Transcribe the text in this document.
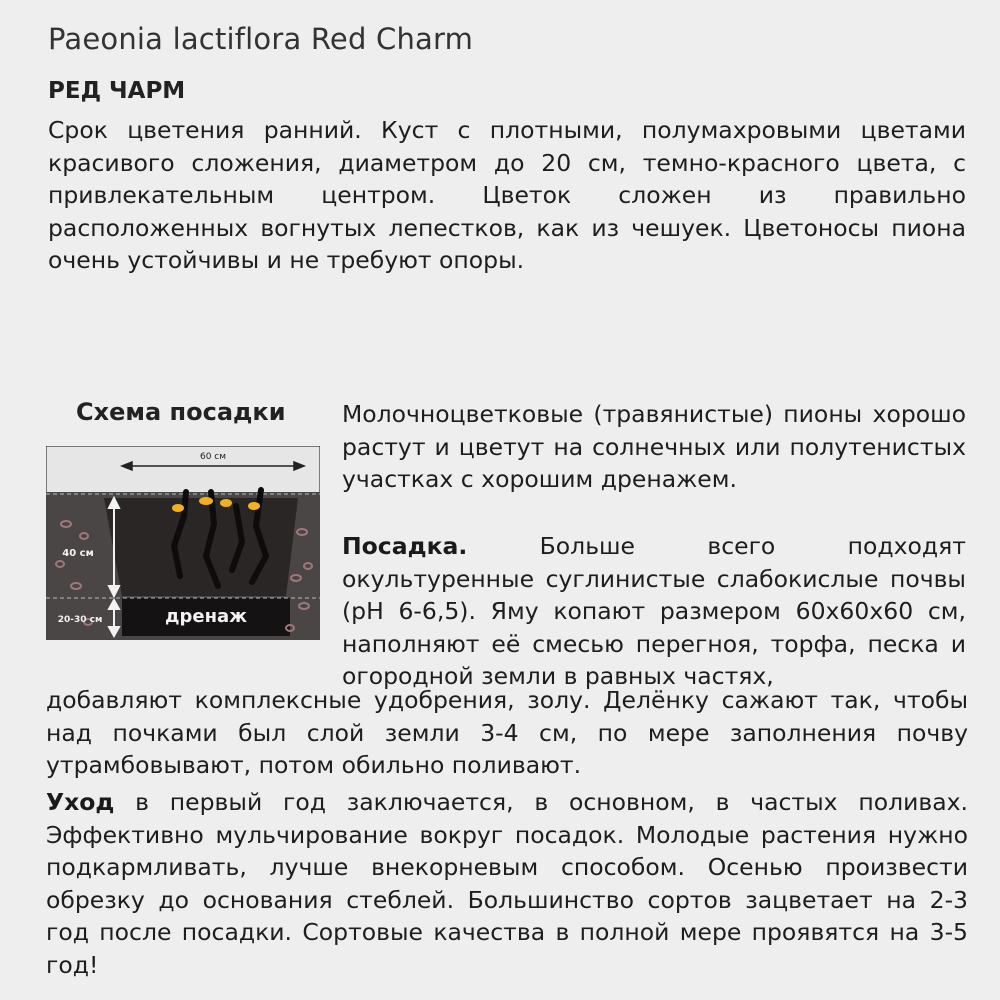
Paeonia lactiflora Red Charm
РЕД ЧАРМ
Срок цветения ранний. Куст с плотными, полумахровыми цветами красивого сложения, диаметром до 20 см, темно-красного цвета, с привлекательным центром. Цветок сложен из правильно расположенных вогнутых лепестков, как из чешуек. Цветоносы пиона очень устойчивы и не требуют опоры.
Схема посадки
60 см
40 см
20-30 см	дренаж

Молочноцветковые (травянистые) пионы хорошо растут и цветут на солнечных или полутенистых участках с хорошим дренажем.

Посадка. Больше всего подходят окультуренные суглинистые слабокислые почвы (pH 6-6,5). Яму копают размером 60х60х60 см, наполняют её смесью перегноя, торфа, песка и огородной земли в равных частях,
добавляют комплексные удобрения, золу. Делёнку сажают так, чтобы над почками был слой земли 3-4 см, по мере заполнения почву утрамбовывают, потом обильно поливают.
Уход в первый год заключается, в основном, в частых поливах. Эффективно мульчирование вокруг посадок. Молодые растения нужно подкармливать, лучше внекорневым способом. Осенью произвести обрезку до основания стеблей. Большинство сортов зацветает на 2-3 год после посадки. Сортовые качества в полной мере проявятся на 3-5 год!
